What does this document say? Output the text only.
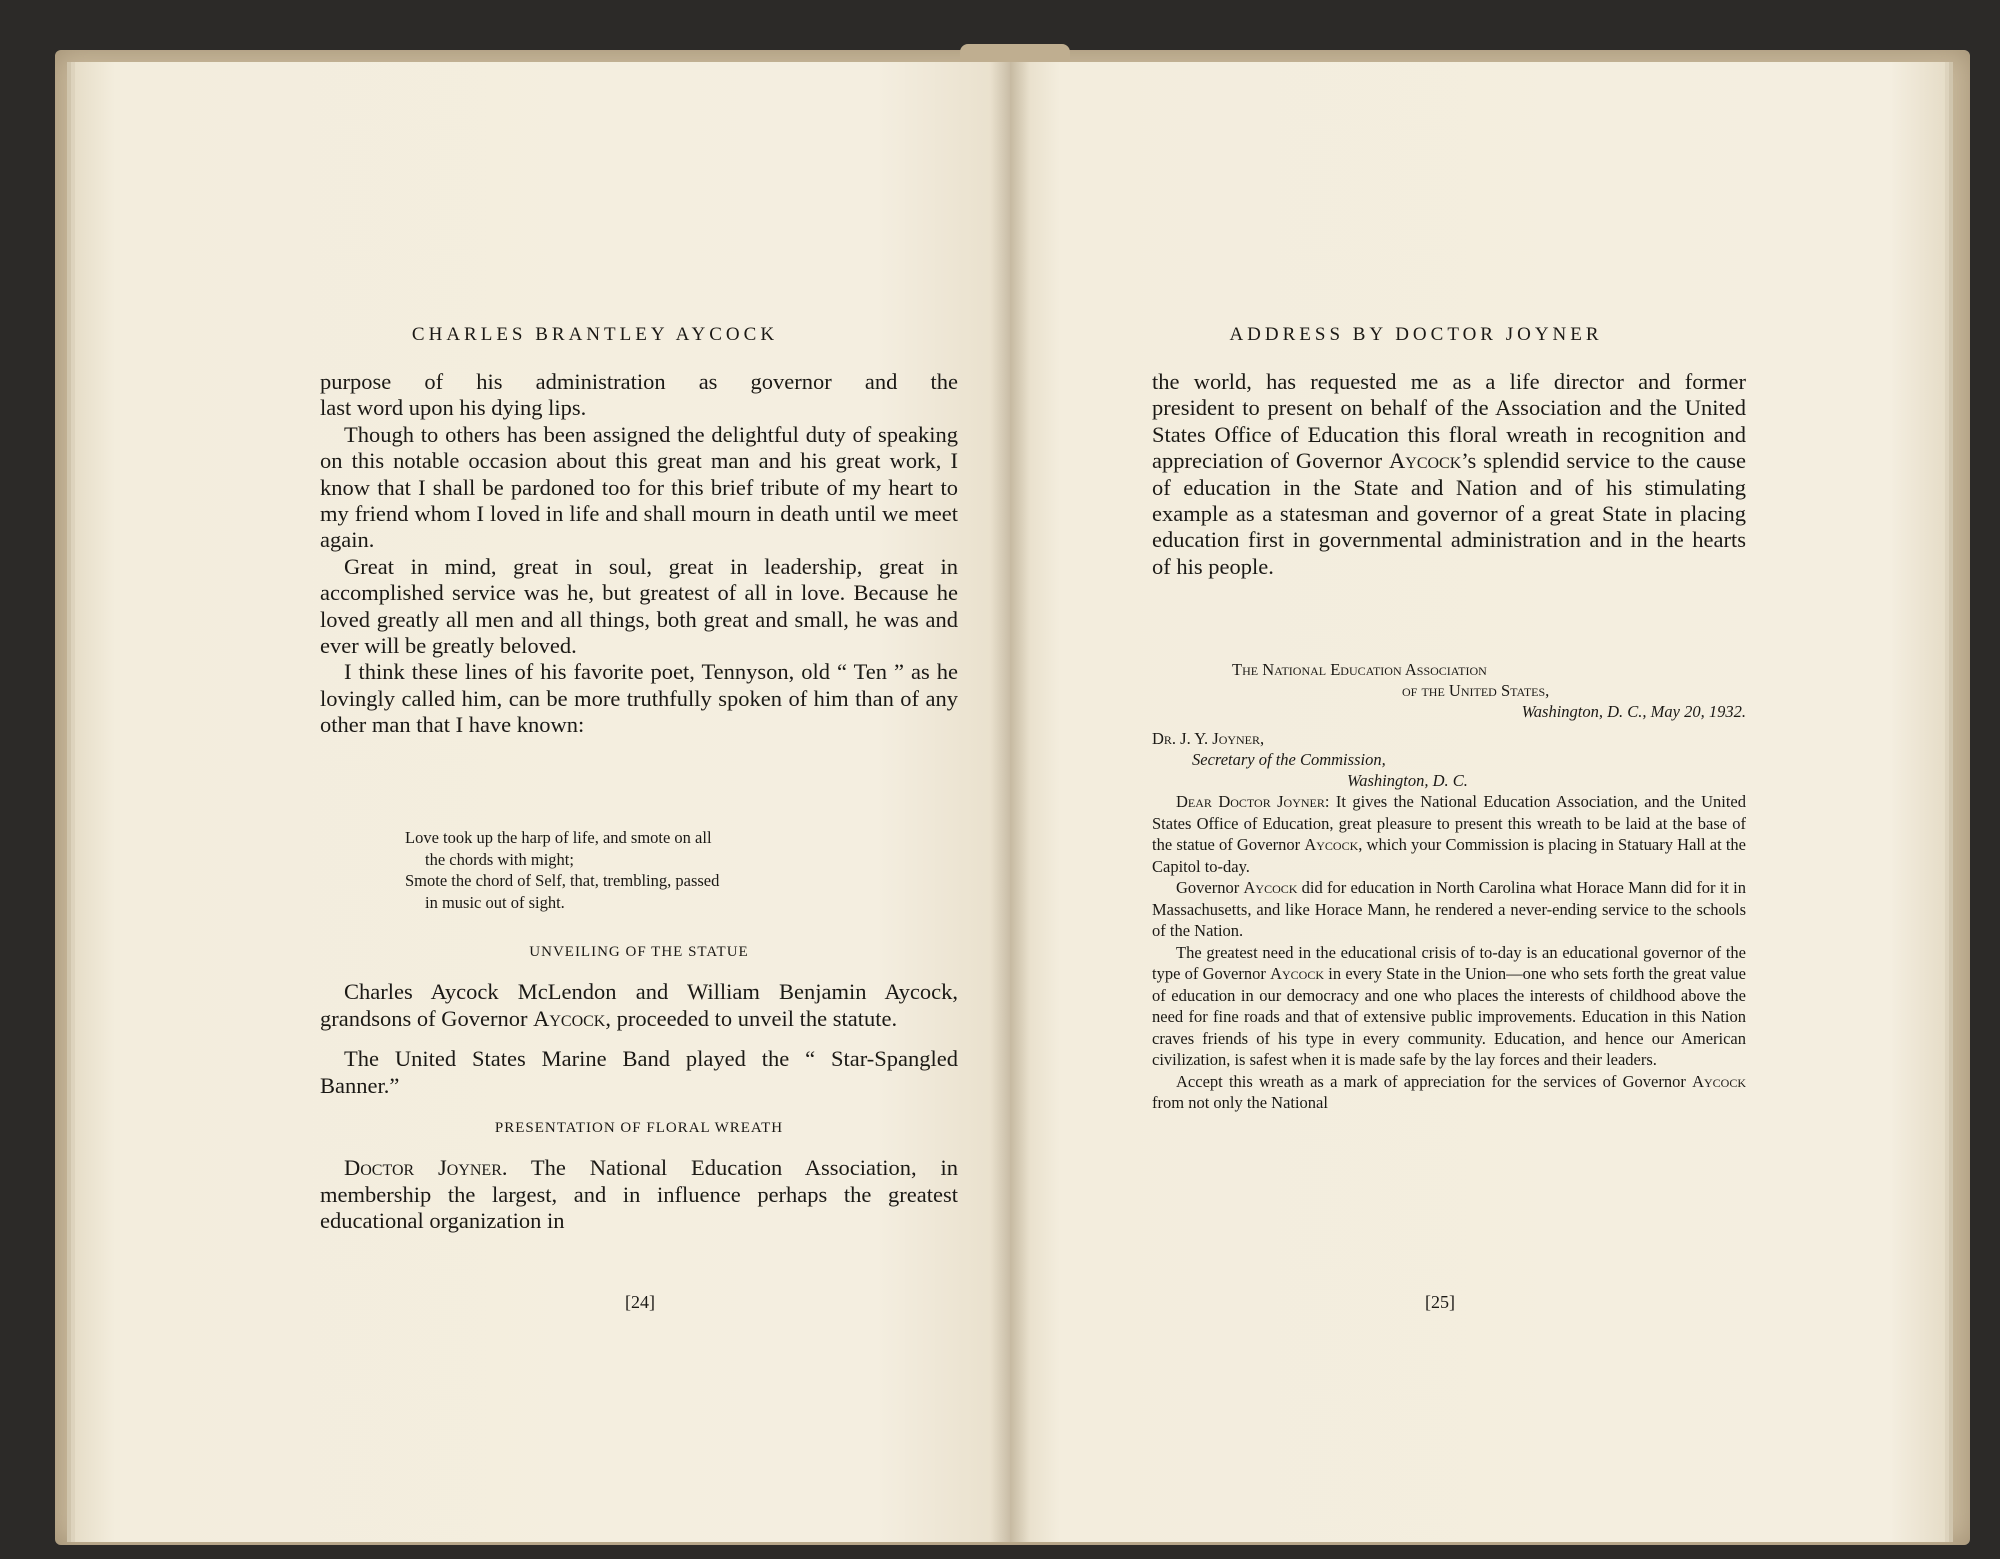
CHARLES BRANTLEY AYCOCK

purpose of his administration as governor and the

last word upon his dying lips.

Though to others has been assigned the delightful duty of speaking on this notable occasion about this great man and his great work, I know that I shall be pardoned too for this brief tribute of my heart to my friend whom I loved in life and shall mourn in death until we meet again.

Great in mind, great in soul, great in leadership, great in accomplished service was he, but greatest of all in love. Because he loved greatly all men and all things, both great and small, he was and ever will be greatly beloved.

I think these lines of his favorite poet, Tennyson, old “ Ten ” as he lovingly called him, can be more truthfully spoken of him than of any other man that I have known:

Love took up the harp of life, and smote on all
the chords with might;
Smote the chord of Self, that, trembling, passed
in music out of sight.
UNVEILING OF THE STATUE

Charles Aycock McLendon and William Benjamin Aycock, grandsons of Governor Aycock, proceeded to unveil the statute.

The United States Marine Band played the “ Star-Spangled Banner.”

PRESENTATION OF FLORAL WREATH

Doctor Joyner. The National Education Association, in membership the largest, and in influence perhaps the greatest educational organization in

[24]
ADDRESS BY DOCTOR JOYNER

the world, has requested me as a life director and former president to present on behalf of the Association and the United States Office of Education this floral wreath in recognition and appreciation of Governor Aycock’s splendid service to the cause of education in the State and Nation and of his stimulating example as a statesman and governor of a great State in placing education first in governmental administration and in the hearts of his people.

The National Education Association
of the United States,
Washington, D. C., May 20, 1932.
Dr. J. Y. Joyner,
Secretary of the Commission,
Washington, D. C.

Dear Doctor Joyner: It gives the National Education Association, and the United States Office of Education, great pleasure to present this wreath to be laid at the base of the statue of Governor Aycock, which your Commission is placing in Statuary Hall at the Capitol to-day.

Governor Aycock did for education in North Carolina what Horace Mann did for it in Massachusetts, and like Horace Mann, he rendered a never-ending service to the schools of the Nation.

The greatest need in the educational crisis of to-day is an educational governor of the type of Governor Aycock in every State in the Union—one who sets forth the great value of education in our democracy and one who places the interests of childhood above the need for fine roads and that of extensive public improvements. Education in this Nation craves friends of his type in every community. Education, and hence our American civilization, is safest when it is made safe by the lay forces and their leaders.

Accept this wreath as a mark of appreciation for the services of Governor Aycock from not only the National

[25]
